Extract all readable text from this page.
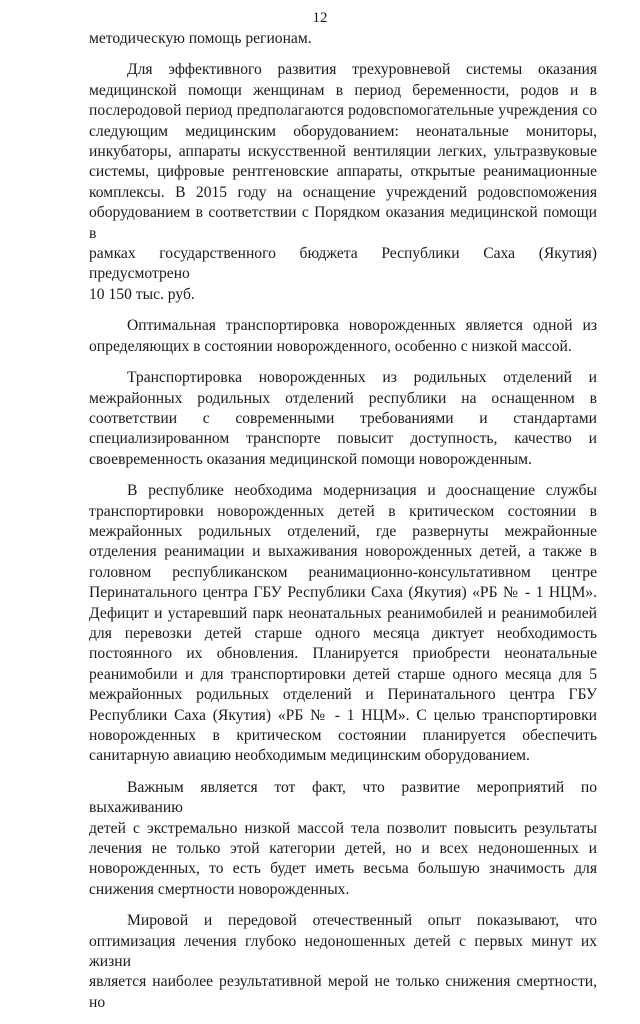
12

методическую помощь регионам.

Для эффективного развития трехуровневой системы оказания
медицинской помощи женщинам в период беременности, родов и в
послеродовой период предполагаются родовспомогательные учреждения со
следующим медицинским оборудованием: неонатальные мониторы,
инкубаторы, аппараты искусственной вентиляции легких, ультразвуковые
системы, цифровые рентгеновские аппараты, открытые реанимационные
комплексы. В 2015 году на оснащение учреждений родовспоможения
оборудованием в соответствии с Порядком оказания медицинской помощи в
рамках государственного бюджета Республики Саха (Якутия) предусмотрено
10 150 тыс. руб.

Оптимальная транспортировка новорожденных является одной из
определяющих в состоянии новорожденного, особенно с низкой массой.

Транспортировка новорожденных из родильных отделений и
межрайонных родильных отделений республики на оснащенном в
соответствии с современными требованиями и стандартами
специализированном транспорте повысит доступность, качество и
своевременность оказания медицинской помощи новорожденным.

В республике необходима модернизация и дооснащение службы
транспортировки новорожденных детей в критическом состоянии в
межрайонных родильных отделений, где развернуты межрайонные
отделения реанимации и выхаживания новорожденных детей, а также в
головном республиканском реанимационно-консультативном центре
Перинатального центра ГБУ Республики Саха (Якутия) «РБ № - 1 НЦМ».
Дефицит и устаревший парк неонатальных реанимобилей и реанимобилей
для перевозки детей старше одного месяца диктует необходимость
постоянного их обновления. Планируется приобрести неонатальные
реанимобили и для транспортировки детей старше одного месяца для 5
межрайонных родильных отделений и Перинатального центра ГБУ
Республики Саха (Якутия) «РБ № - 1 НЦМ». С целью транспортировки
новорожденных в критическом состоянии планируется обеспечить
санитарную авиацию необходимым медицинским оборудованием.

Важным является тот факт, что развитие мероприятий по выхаживанию
детей с экстремально низкой массой тела позволит повысить результаты
лечения не только этой категории детей, но и всех недоношенных и
новорожденных, то есть будет иметь весьма большую значимость для
снижения смертности новорожденных.

Мировой и передовой отечественный опыт показывают, что
оптимизация лечения глубоко недоношенных детей с первых минут их жизни
является наиболее результативной мерой не только снижения смертности, но
